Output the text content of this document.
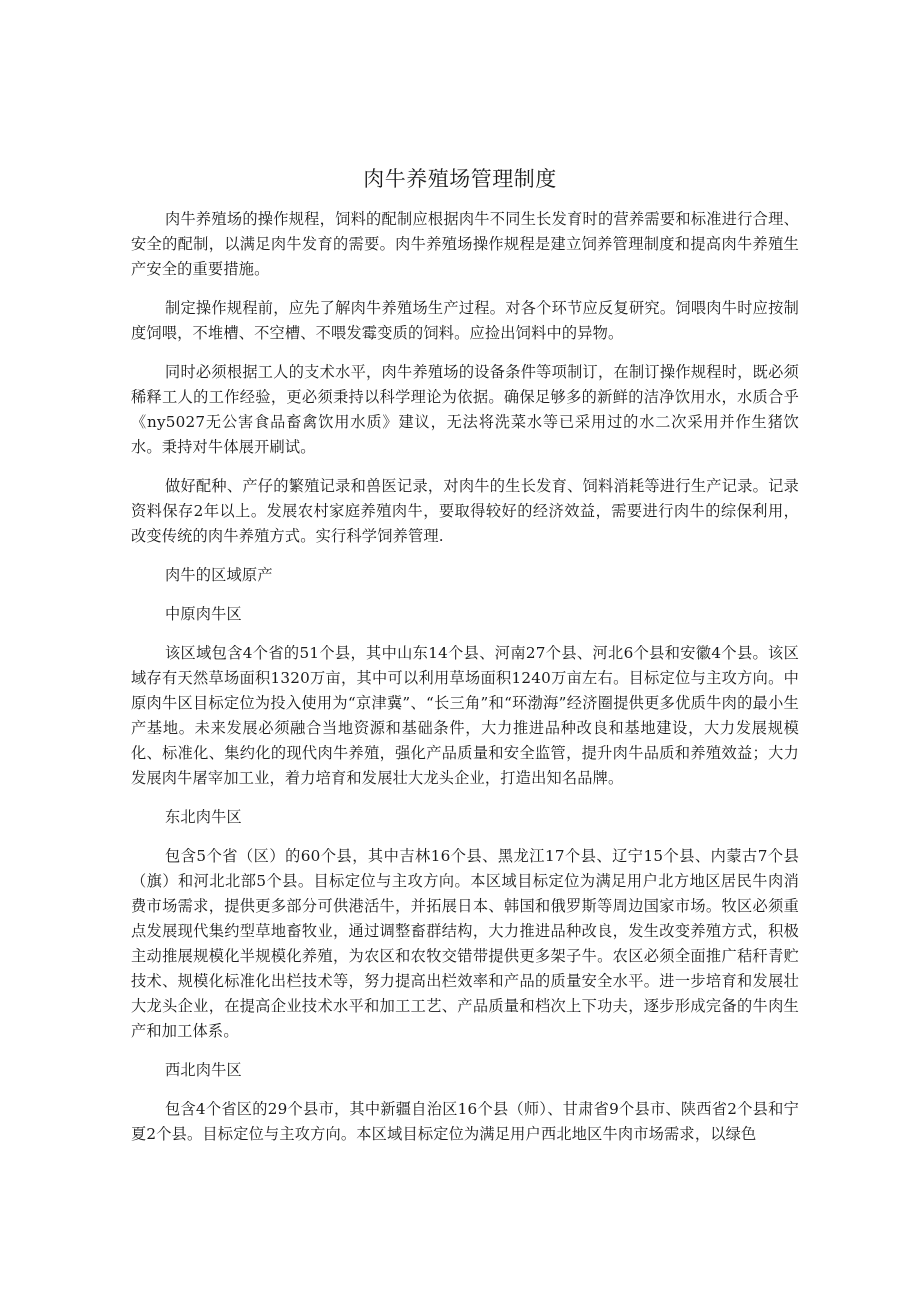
肉牛养殖场管理制度

肉牛养殖场的操作规程，饲料的配制应根据肉牛不同生长发育时的营养需要和标准进行合理、安全的配制，以满足肉牛发育的需要。肉牛养殖场操作规程是建立饲养管理制度和提高肉牛养殖生产安全的重要措施。

制定操作规程前，应先了解肉牛养殖场生产过程。对各个环节应反复研究。饲喂肉牛时应按制度饲喂，不堆槽、不空槽、不喂发霉变质的饲料。应捡出饲料中的异物。

同时必须根据工人的支术水平，肉牛养殖场的设备条件等项制订，在制订操作规程时，既必须稀释工人的工作经验，更必须秉持以科学理论为依据。确保足够多的新鲜的洁净饮用水，水质合乎《ny5027无公害食品畜禽饮用水质》建议，无法将洗菜水等已采用过的水二次采用并作生猪饮水。秉持对牛体展开刷试。

做好配种、产仔的繁殖记录和兽医记录，对肉牛的生长发育、饲料消耗等进行生产记录。记录资料保存2年以上。发展农村家庭养殖肉牛，要取得较好的经济效益，需要进行肉牛的综保利用，改变传统的肉牛养殖方式。实行科学饲养管理.

肉牛的区域原产

中原肉牛区

该区域包含4个省的51个县，其中山东14个县、河南27个县、河北6个县和安徽4个县。该区域存有天然草场面积1320万亩，其中可以利用草场面积1240万亩左右。目标定位与主攻方向。中原肉牛区目标定位为投入使用为“京津冀”、“长三角”和“环渤海”经济圈提供更多优质牛肉的最小生产基地。未来发展必须融合当地资源和基础条件，大力推进品种改良和基地建设，大力发展规模化、标准化、集约化的现代肉牛养殖，强化产品质量和安全监管，提升肉牛品质和养殖效益；大力发展肉牛屠宰加工业，着力培育和发展壮大龙头企业，打造出知名品牌。

东北肉牛区

包含5个省（区）的60个县，其中吉林16个县、黑龙江17个县、辽宁15个县、内蒙古7个县（旗）和河北北部5个县。目标定位与主攻方向。本区域目标定位为满足用户北方地区居民牛肉消费市场需求，提供更多部分可供港活牛，并拓展日本、韩国和俄罗斯等周边国家市场。牧区必须重点发展现代集约型草地畜牧业，通过调整畜群结构，大力推进品种改良，发生改变养殖方式，积极主动推展规模化半规模化养殖，为农区和农牧交错带提供更多架子牛。农区必须全面推广秸秆青贮技术、规模化标准化出栏技术等，努力提高出栏效率和产品的质量安全水平。进一步培育和发展壮大龙头企业，在提高企业技术水平和加工工艺、产品质量和档次上下功夫，逐步形成完备的牛肉生产和加工体系。

西北肉牛区

包含4个省区的29个县市，其中新疆自治区16个县（师）、甘肃省9个县市、陕西省2个县和宁夏2个县。目标定位与主攻方向。本区域目标定位为满足用户西北地区牛肉市场需求，以绿色
